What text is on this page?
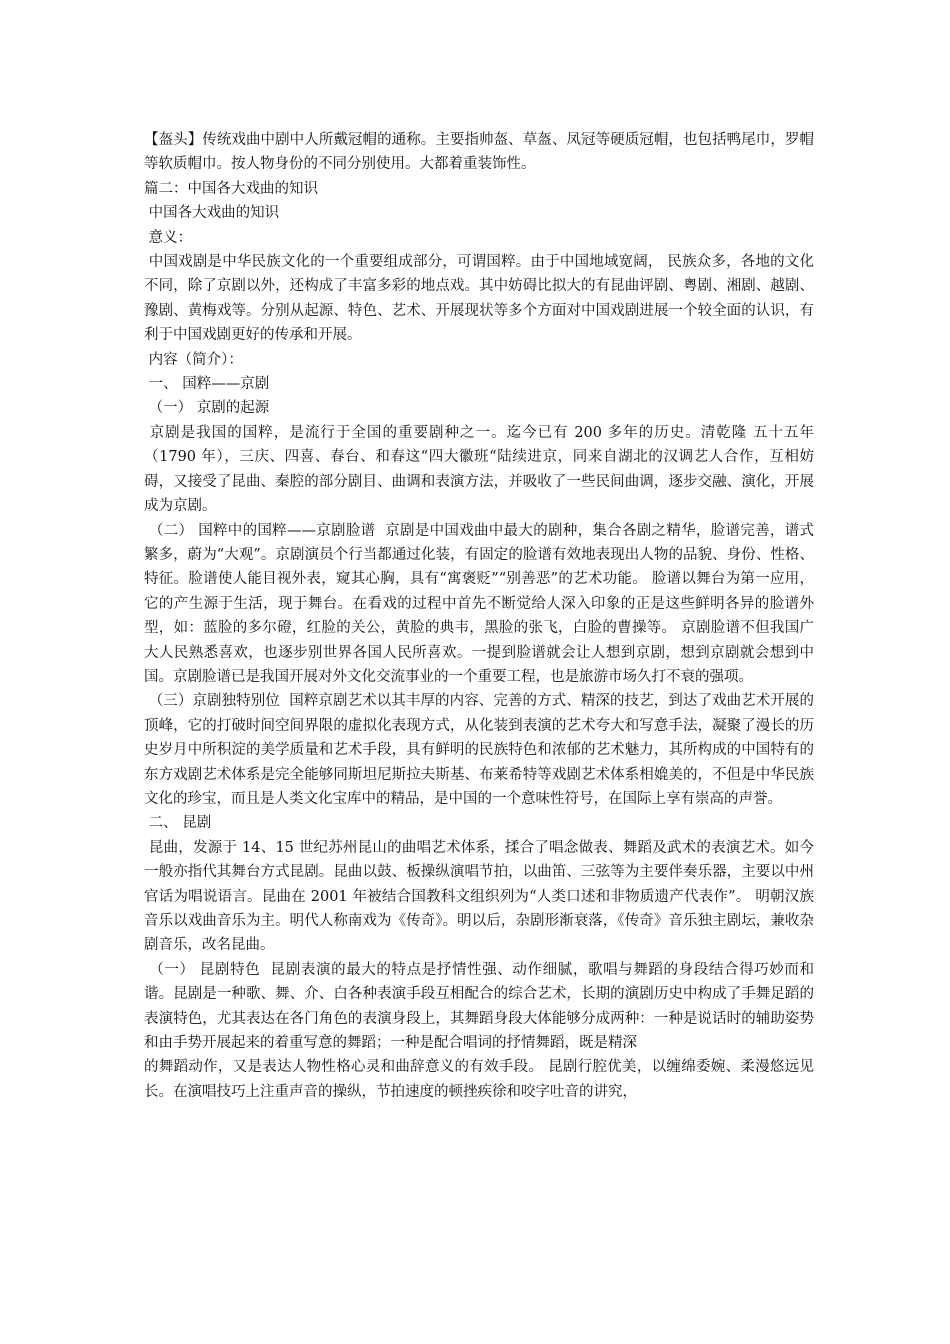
【盔头】传统戏曲中剧中人所戴冠帽的通称。主要指帅盔、草盔、凤冠等硬质冠帽，也包括鸭尾巾，罗帽等软质帽巾。按人物身份的不同分别使用。大都着重装饰性。

篇二：中国各大戏曲的知识

中国各大戏曲的知识

意义：

中国戏剧是中华民族文化的一个重要组成部分，可谓国粹。由于中国地域宽阔， 民族众多，各地的文化不同，除了京剧以外，还构成了丰富多彩的地点戏。其中妨碍比拟大的有昆曲评剧、粤剧、湘剧、越剧、豫剧、黄梅戏等。分别从起源、特色、艺术、开展现状等多个方面对中国戏剧进展一个较全面的认识，有利于中国戏剧更好的传承和开展。

内容（简介）：

一、 国粹——京剧

（一） 京剧的起源

京剧是我国的国粹，是流行于全国的重要剧种之一。迄今已有 200 多年的历史。清乾隆 五十五年（1790 年），三庆、四喜、春台、和春这“四大徽班“陆续进京，同来自湖北的汉调艺人合作，互相妨碍，又接受了昆曲、秦腔的部分剧目、曲调和表演方法，并吸收了一些民间曲调，逐步交融、演化，开展成为京剧。

（二） 国粹中的国粹——京剧脸谱  京剧是中国戏曲中最大的剧种，集合各剧之精华，脸谱完善，谱式繁多，蔚为“大观”。京剧演员个行当都通过化装，有固定的脸谱有效地表现出人物的品貌、身份、性格、特征。脸谱使人能目视外表，窥其心胸，具有“寓褒贬”“别善恶”的艺术功能。 脸谱以舞台为第一应用，它的产生源于生活，现于舞台。在看戏的过程中首先不断觉给人深入印象的正是这些鲜明各异的脸谱外型，如：蓝脸的多尔磴，红脸的关公，黄脸的典韦，黑脸的张飞，白脸的曹操等。 京剧脸谱不但我国广大人民熟悉喜欢，也逐步别世界各国人民所喜欢。一提到脸谱就会让人想到京剧，想到京剧就会想到中国。京剧脸谱已是我国开展对外文化交流事业的一个重要工程，也是旅游市场久打不衰的强项。

（三）京剧独特别位  国粹京剧艺术以其丰厚的内容、完善的方式、精深的技艺，到达了戏曲艺术开展的顶峰，它的打破时间空间界限的虚拟化表现方式，从化装到表演的艺术夸大和写意手法，凝聚了漫长的历史岁月中所积淀的美学质量和艺术手段，具有鲜明的民族特色和浓郁的艺术魅力，其所构成的中国特有的东方戏剧艺术体系是完全能够同斯坦尼斯拉夫斯基、布莱希特等戏剧艺术体系相嫓美的，不但是中华民族文化的珍宝，而且是人类文化宝库中的精品，是中国的一个意味性符号，在国际上享有崇高的声誉。

二、 昆剧

昆曲，发源于 14、15 世纪苏州昆山的曲唱艺术体系，揉合了唱念做表、舞蹈及武术的表演艺术。如今一般亦指代其舞台方式昆剧。昆曲以鼓、板操纵演唱节拍，以曲笛、三弦等为主要伴奏乐器，主要以中州官话为唱说语言。昆曲在 2001 年被结合国教科文组织列为“人类口述和非物质遗产代表作”。 明朝汉族音乐以戏曲音乐为主。明代人称南戏为《传奇》。明以后，杂剧形渐衰落，《传奇》音乐独主剧坛，兼收杂剧音乐，改名昆曲。

（一） 昆剧特色  昆剧表演的最大的特点是抒情性强、动作细腻，歌唱与舞蹈的身段结合得巧妙而和谐。昆剧是一种歌、舞、介、白各种表演手段互相配合的综合艺术，长期的演剧历史中构成了手舞足蹈的表演特色，尤其表达在各门角色的表演身段上，其舞蹈身段大体能够分成两种：一种是说话时的辅助姿势和由手势开展起来的着重写意的舞蹈；一种是配合唱词的抒情舞蹈，既是精深

的舞蹈动作，又是表达人物性格心灵和曲辞意义的有效手段。 昆剧行腔优美，以缠绵委婉、柔漫悠远见长。在演唱技巧上注重声音的操纵，节拍速度的顿挫疾徐和咬字吐音的讲究，
